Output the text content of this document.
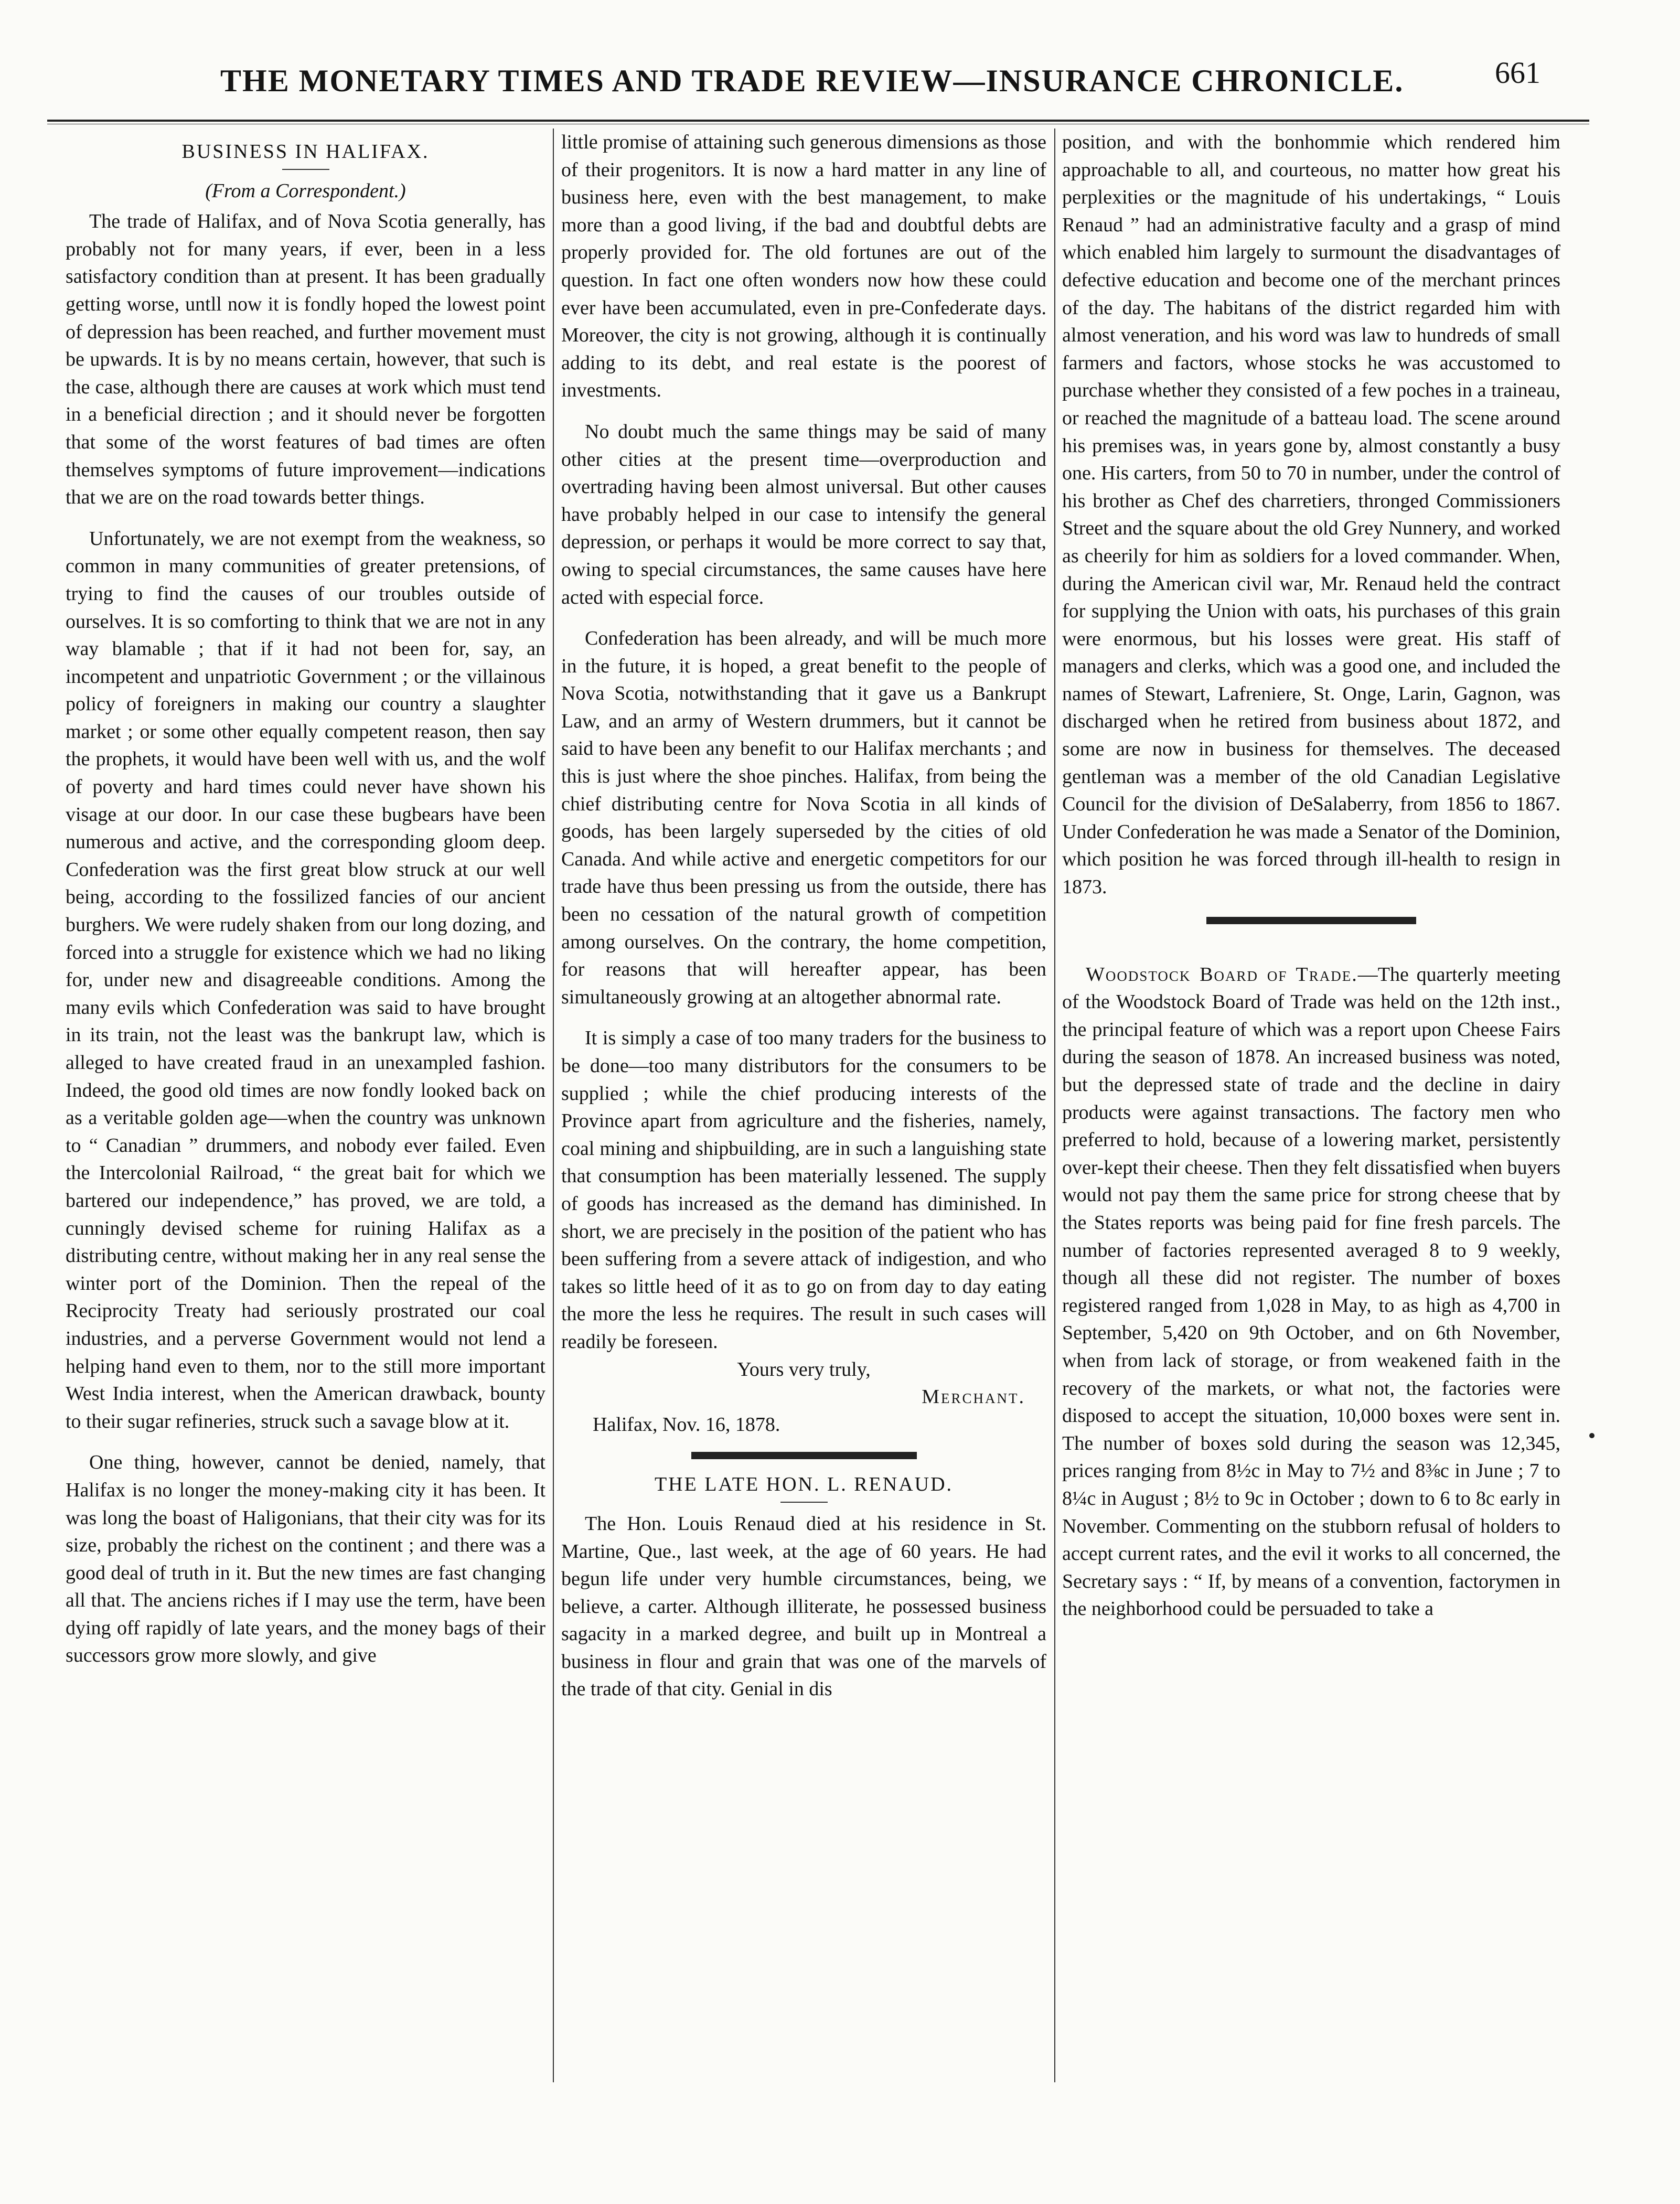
THE MONETARY TIMES AND TRADE REVIEW—INSURANCE CHRONICLE.	661
BUSINESS IN HALIFAX.
(From a Correspondent.)

The trade of Halifax, and of Nova Scotia generally, has probably not for many years, if ever, been in a less satisfactory condition than at present. It has been gradually getting worse, untll now it is fondly hoped the lowest point of depression has been reached, and further movement must be upwards. It is by no means certain, however, that such is the case, although there are causes at work which must tend in a beneficial direction ; and it should never be forgotten that some of the worst features of bad times are often themselves symptoms of future improvement—indications that we are on the road towards better things.

Unfortunately, we are not exempt from the weakness, so common in many communities of greater pretensions, of trying to find the causes of our troubles outside of ourselves. It is so comforting to think that we are not in any way blamable ; that if it had not been for, say, an incompetent and unpatriotic Government ; or the villainous policy of foreigners in making our country a slaughter market ; or some other equally competent reason, then say the prophets, it would have been well with us, and the wolf of poverty and hard times could never have shown his visage at our door. In our case these bugbears have been numerous and active, and the corresponding gloom deep. Confederation was the first great blow struck at our well being, according to the fossilized fancies of our ancient burghers. We were rudely shaken from our long dozing, and forced into a struggle for existence which we had no liking for, under new and disagreeable conditions. Among the many evils which Confederation was said to have brought in its train, not the least was the bankrupt law, which is alleged to have created fraud in an unexampled fashion. Indeed, the good old times are now fondly looked back on as a veritable golden age—when the country was unknown to “ Canadian ” drummers, and nobody ever failed. Even the Intercolonial Railroad, “ the great bait for which we bartered our independence,” has proved, we are told, a cunningly devised scheme for ruining Halifax as a distributing centre, without making her in any real sense the winter port of the Dominion. Then the repeal of the Reciprocity Treaty had seriously prostrated our coal industries, and a perverse Government would not lend a helping hand even to them, nor to the still more important West India interest, when the American drawback, bounty to their sugar refineries, struck such a savage blow at it.

One thing, however, cannot be denied, namely, that Halifax is no longer the money-making city it has been. It was long the boast of Haligonians, that their city was for its size, probably the richest on the continent ; and there was a good deal of truth in it. But the new times are fast changing all that. The anciens riches if I may use the term, have been dying off rapidly of late years, and the money bags of their successors grow more slowly, and give

little promise of attaining such generous dimensions as those of their progenitors. It is now a hard matter in any line of business here, even with the best management, to make more than a good living, if the bad and doubtful debts are properly provided for. The old fortunes are out of the question. In fact one often wonders now how these could ever have been accumulated, even in pre-Confederate days. Moreover, the city is not growing, although it is continually adding to its debt, and real estate is the poorest of investments.

No doubt much the same things may be said of many other cities at the present time—overproduction and overtrading having been almost universal. But other causes have probably helped in our case to intensify the general depression, or perhaps it would be more correct to say that, owing to special circumstances, the same causes have here acted with especial force.

Confederation has been already, and will be much more in the future, it is hoped, a great benefit to the people of Nova Scotia, notwithstanding that it gave us a Bankrupt Law, and an army of Western drummers, but it cannot be said to have been any benefit to our Halifax merchants ; and this is just where the shoe pinches. Halifax, from being the chief distributing centre for Nova Scotia in all kinds of goods, has been largely superseded by the cities of old Canada. And while active and energetic competitors for our trade have thus been pressing us from the outside, there has been no cessation of the natural growth of competition among ourselves. On the contrary, the home competition, for reasons that will hereafter appear, has been simultaneously growing at an altogether abnormal rate.

It is simply a case of too many traders for the business to be done—too many distributors for the consumers to be supplied ; while the chief producing interests of the Province apart from agriculture and the fisheries, namely, coal mining and shipbuilding, are in such a languishing state that consumption has been materially lessened. The supply of goods has increased as the demand has diminished. In short, we are precisely in the position of the patient who has been suffering from a severe attack of indigestion, and who takes so little heed of it as to go on from day to day eating the more the less he requires. The result in such cases will readily be foreseen.

Yours very truly,

Merchant.

Halifax, Nov. 16, 1878.

THE LATE HON. L. RENAUD.

The Hon. Louis Renaud died at his residence in St. Martine, Que., last week, at the age of 60 years. He had begun life under very humble circumstances, being, we believe, a carter. Although illiterate, he possessed business sagacity in a marked degree, and built up in Montreal a business in flour and grain that was one of the marvels of the trade of that city. Genial in dis

position, and with the bonhommie which rendered him approachable to all, and courteous, no matter how great his perplexities or the magnitude of his undertakings, “ Louis Renaud ” had an administrative faculty and a grasp of mind which enabled him largely to surmount the disadvantages of defective education and become one of the merchant princes of the day. The habitans of the district regarded him with almost veneration, and his word was law to hundreds of small farmers and factors, whose stocks he was accustomed to purchase whether they consisted of a few poches in a traineau, or reached the magnitude of a batteau load. The scene around his premises was, in years gone by, almost constantly a busy one. His carters, from 50 to 70 in number, under the control of his brother as Chef des charretiers, thronged Commissioners Street and the square about the old Grey Nunnery, and worked as cheerily for him as soldiers for a loved commander. When, during the American civil war, Mr. Renaud held the contract for supplying the Union with oats, his purchases of this grain were enormous, but his losses were great. His staff of managers and clerks, which was a good one, and included the names of Stewart, Lafreniere, St. Onge, Larin, Gagnon, was discharged when he retired from business about 1872, and some are now in business for themselves. The deceased gentleman was a member of the old Canadian Legislative Council for the division of DeSalaberry, from 1856 to 1867. Under Confederation he was made a Senator of the Dominion, which position he was forced through ill-health to resign in 1873.

Woodstock Board of Trade.—The quarterly meeting of the Woodstock Board of Trade was held on the 12th inst., the principal feature of which was a report upon Cheese Fairs during the season of 1878. An increased business was noted, but the depressed state of trade and the decline in dairy products were against transactions. The factory men who preferred to hold, because of a lowering market, persistently over-kept their cheese. Then they felt dissatisfied when buyers would not pay them the same price for strong cheese that by the States reports was being paid for fine fresh parcels. The number of factories represented averaged 8 to 9 weekly, though all these did not register. The number of boxes registered ranged from 1,028 in May, to as high as 4,700 in September, 5,420 on 9th October, and on 6th November, when from lack of storage, or from weakened faith in the recovery of the markets, or what not, the factories were disposed to accept the situation, 10,000 boxes were sent in. The number of boxes sold during the season was 12,345, prices ranging from 8½c in May to 7½ and 8⅜c in June ; 7 to 8¼c in August ; 8½ to 9c in October ; down to 6 to 8c early in November. Commenting on the stubborn refusal of holders to accept current rates, and the evil it works to all concerned, the Secretary says : “ If, by means of a convention, factorymen in the neighborhood could be persuaded to take a
